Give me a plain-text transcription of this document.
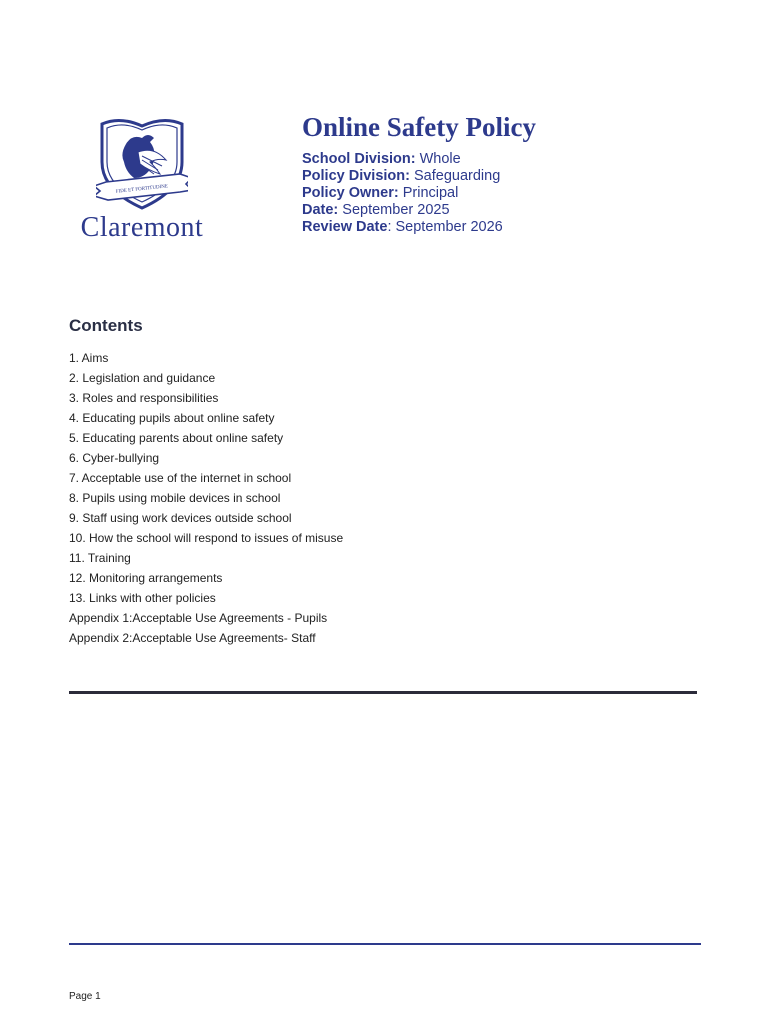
FIDE ET FORTITUDINE
Claremont
Online Safety Policy

School Division: Whole

Policy Division: Safeguarding

Policy Owner: Principal

Date: September 2025

Review Date: September 2026

Contents
1. Aims
2. Legislation and guidance
3. Roles and responsibilities
4. Educating pupils about online safety
5. Educating parents about online safety
6. Cyber-bullying
7. Acceptable use of the internet in school
8. Pupils using mobile devices in school
9. Staff using work devices outside school
10. How the school will respond to issues of misuse
11. Training
12. Monitoring arrangements
13. Links with other policies
Appendix 1:Acceptable Use Agreements - Pupils
Appendix 2:Acceptable Use Agreements- Staff
Page 1
